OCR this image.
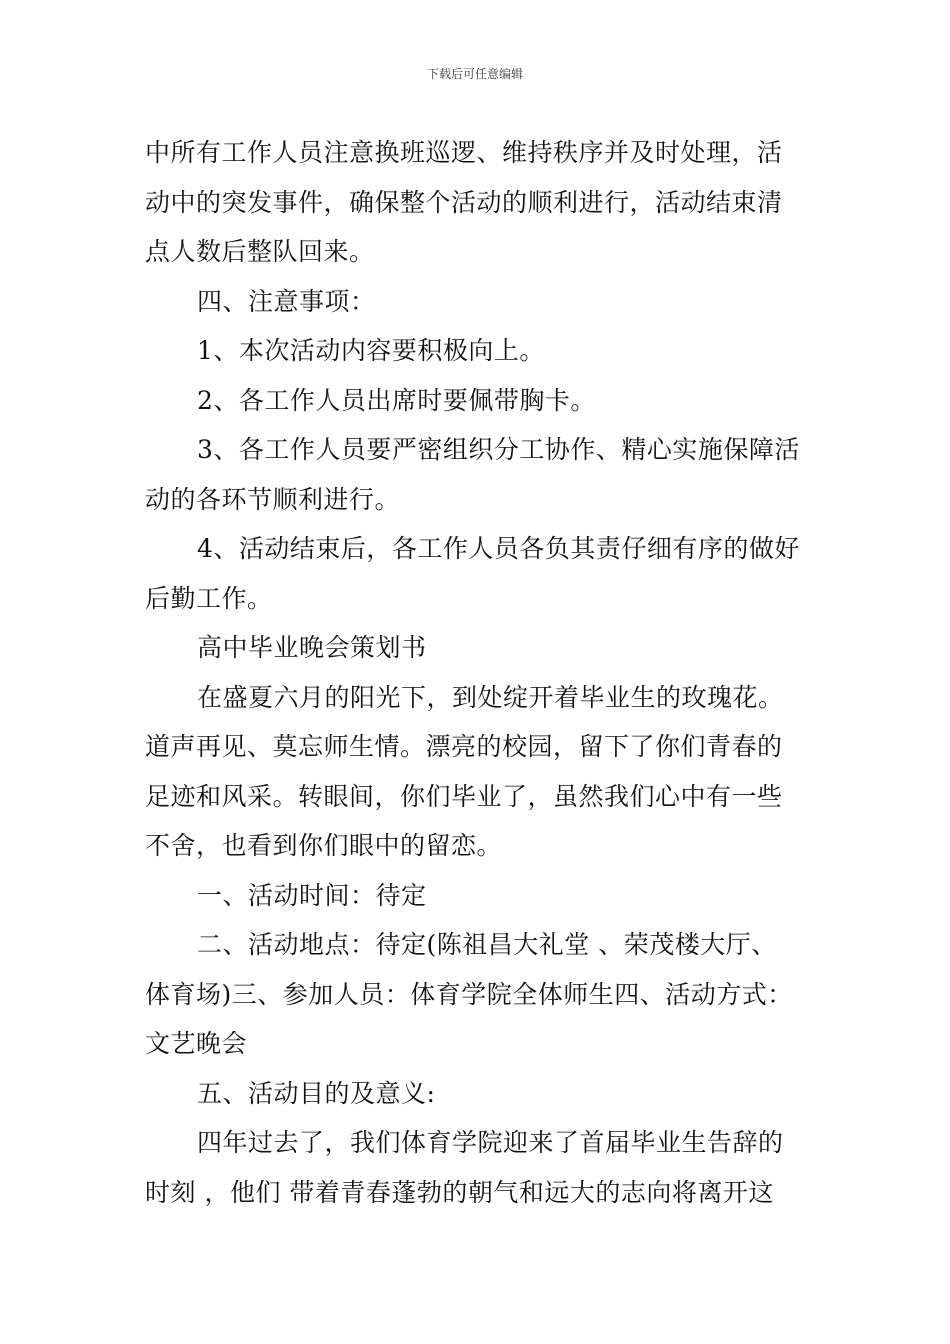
下载后可任意编辑

中所有工作人员注意换班巡逻、维持秩序并及时处理，活

动中的突发事件，确保整个活动的顺利进行，活动结束清

点人数后整队回来。

四、注意事项：

1、本次活动内容要积极向上。

2、各工作人员出席时要佩带胸卡。

3、各工作人员要严密组织分工协作、精心实施保障活

动的各环节顺利进行。

4、活动结束后，各工作人员各负其责仔细有序的做好

后勤工作。

高中毕业晚会策划书

在盛夏六月的阳光下，到处绽开着毕业生的玫瑰花。

道声再见、莫忘师生情。漂亮的校园，留下了你们青春的

足迹和风采。转眼间，你们毕业了，虽然我们心中有一些

不舍，也看到你们眼中的留恋。

一、活动时间：待定

二、活动地点：待定(陈祖昌大礼堂 、荣茂楼大厅、

体育场)三、参加人员：体育学院全体师生四、活动方式：

文艺晚会

五、活动目的及意义:

四年过去了，我们体育学院迎来了首届毕业生告辞的

时刻 ，他们 带着青春蓬勃的朝气和远大的志向将离开这
